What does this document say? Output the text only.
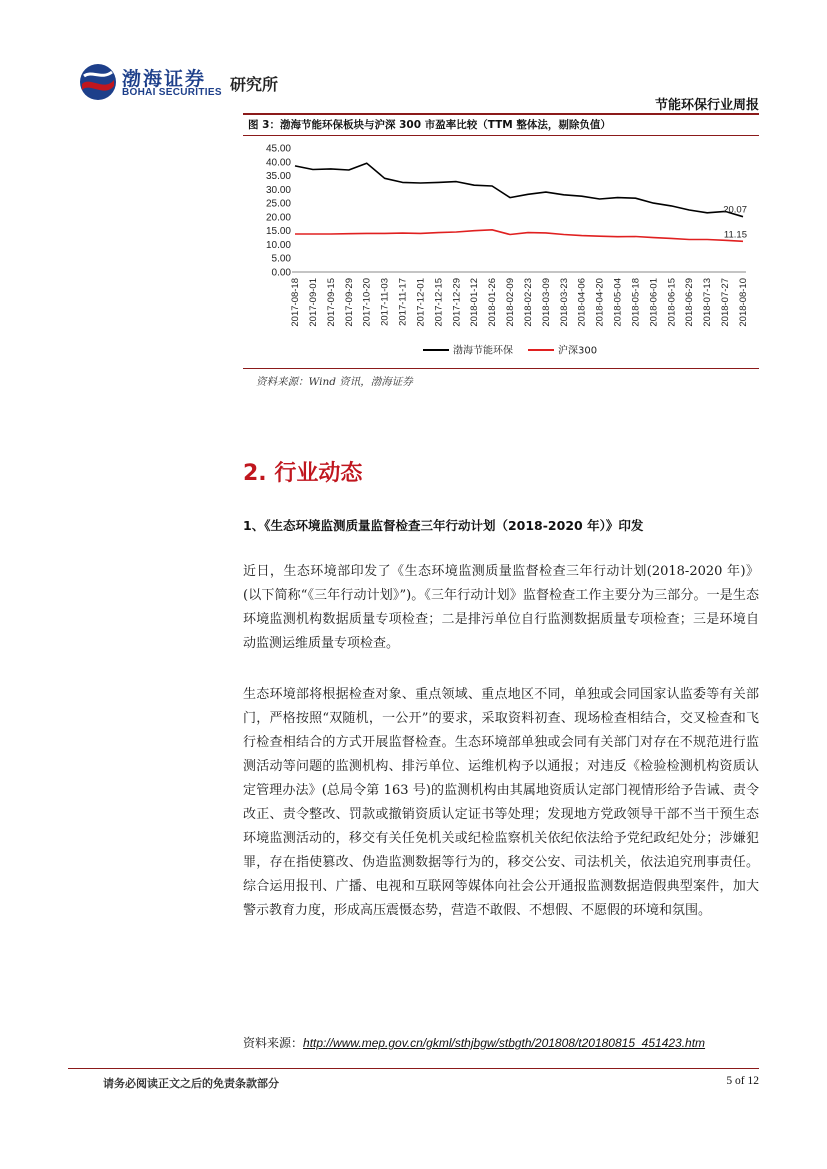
渤海证券
BOHAI SECURITIES 研究所
节能环保行业周报
图 3：渤海节能环保板块与沪深 300 市盈率比较（TTM 整体法，剔除负值）
0.00
5.00
10.00
15.00
20.00
25.00
30.00
35.00
40.00
45.00
2017-08-18 2017-09-01 2017-09-15 2017-09-29 2017-10-20 2017-11-03 2017-11-17 2017-12-01 2017-12-15 2017-12-29 2018-01-12 2018-01-26 2018-02-09 2018-02-23 2018-03-09 2018-03-23 2018-04-06 2018-04-20 2018-05-04 2018-05-18 2018-06-01 2018-06-15 2018-06-29 2018-07-13 2018-07-27 2018-08-10
20.07
11.15
渤海节能环保	沪深300
资料来源：Wind 资讯，渤海证券
2. 行业动态
1、《生态环境监测质量监督检查三年行动计划（2018-2020 年）》印发

近日，生态环境部印发了《生态环境监测质量监督检查三年行动计划(2018-2020 年)》(以下简称“《三年行动计划》”)。《三年行动计划》监督检查工作主要分为三部分。一是生态环境监测机构数据质量专项检查；二是排污单位自行监测数据质量专项检查；三是环境自动监测运维质量专项检查。

生态环境部将根据检查对象、重点领域、重点地区不同，单独或会同国家认监委等有关部门，严格按照“双随机，一公开”的要求，采取资料初查、现场检查相结合，交叉检查和飞行检查相结合的方式开展监督检查。生态环境部单独或会同有关部门对存在不规范进行监测活动等问题的监测机构、排污单位、运维机构予以通报；对违反《检验检测机构资质认定管理办法》(总局令第 163 号)的监测机构由其属地资质认定部门视情形给予告诫、责令改正、责令整改、罚款或撤销资质认定证书等处理；发现地方党政领导干部不当干预生态环境监测活动的，移交有关任免机关或纪检监察机关依纪依法给予党纪政纪处分；涉嫌犯罪，存在指使篡改、伪造监测数据等行为的，移交公安、司法机关，依法追究刑事责任。综合运用报刊、广播、电视和互联网等媒体向社会公开通报监测数据造假典型案件，加大警示教育力度，形成高压震慑态势，营造不敢假、不想假、不愿假的环境和氛围。

资料来源：http://www.mep.gov.cn/gkml/sthjbgw/stbgth/201808/t20180815_451423.htm
请务必阅读正文之后的免责条款部分	5 of 12
